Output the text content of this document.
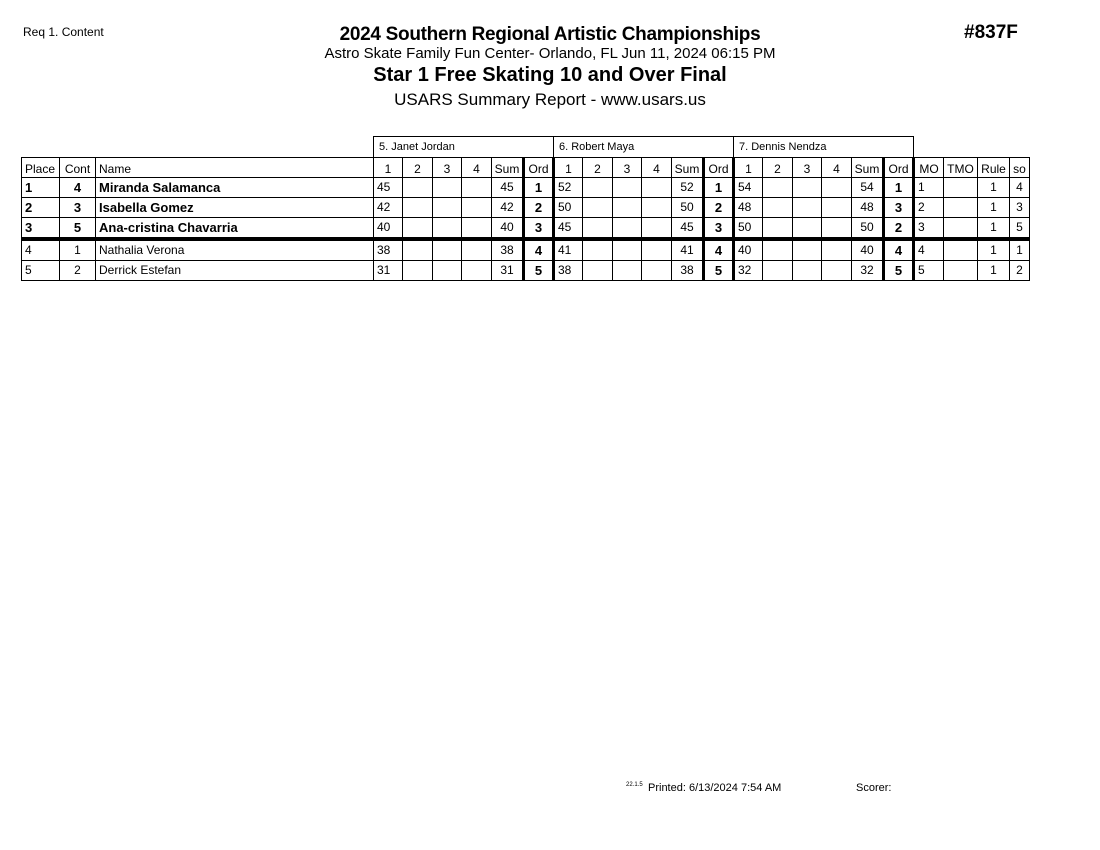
Req 1. Content	#837F
2024 Southern Regional Artistic Championships
Astro Skate Family Fun Center- Orlando, FL Jun 11, 2024 06:15 PM
Star 1 Free Skating 10 and Over Final
USARS Summary Report - www.usars.us
			5. Janet Jordan						6. Robert Maya						7. Dennis Nendza									
Place	Cont	Name	1	2	3	4	Sum	Ord	1	2	3	4	Sum	Ord	1	2	3	4	Sum	Ord	MO	TMO	Rule	so
1	4	Miranda Salamanca	45				45	1	52				52	1	54				54	1	1		1	4
2	3	Isabella Gomez	42				42	2	50				50	2	48				48	3	2		1	3
3	5	Ana-cristina Chavarria	40				40	3	45				45	3	50				50	2	3		1	5
4	1	Nathalia Verona	38				38	4	41				41	4	40				40	4	4		1	1
5	2	Derrick Estefan	31				31	5	38				38	5	32				32	5	5		1	2
22.1.5 Printed: 6/13/2024 7:54 AM	Scorer:
